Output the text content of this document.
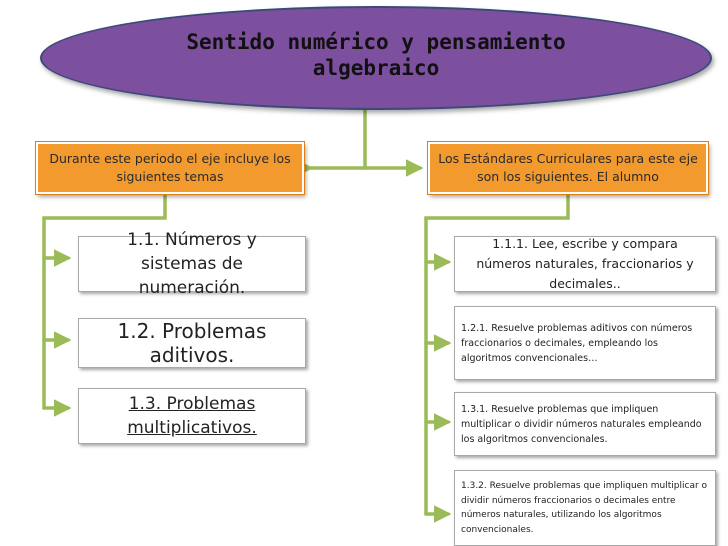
Sentido numérico y pensamiento algebraico
Durante este periodo el eje incluye los siguientes temas
Los Estándares Curriculares para este eje son los siguientes. El alumno
1.1. Números y sistemas de numeración.
1.2. Problemas aditivos.
1.3. Problemas multiplicativos.
1.1.1. Lee, escribe y compara números naturales, fraccionarios y decimales..
1.2.1. Resuelve problemas aditivos con números fraccionarios o decimales, empleando los algoritmos convencionales…
1.3.1. Resuelve problemas que impliquen multiplicar o dividir números naturales empleando los algoritmos convencionales.
1.3.2. Resuelve problemas que impliquen multiplicar o dividir números fraccionarios o decimales entre números naturales, utilizando los algoritmos convencionales.
